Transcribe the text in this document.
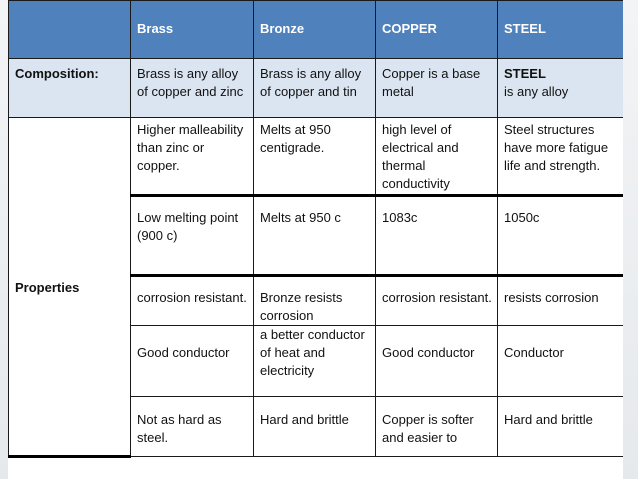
	Brass	Bronze	COPPER	STEEL
Composition:	Brass is any alloy of copper and zinc	Brass is any alloy of copper and tin	Copper is a base metal	STEEL
is any alloy
Properties	Higher malleability than zinc or copper.	Melts at 950 centigrade.	high level of electrical and thermal conductivity	Steel structures have more fatigue life and strength.
	Low melting point (900 c)	Melts at 950 c	1083c	1050c
	corrosion resistant.	Bronze resists corrosion	corrosion resistant.	resists corrosion
	Good conductor	a better conductor of heat and electricity	Good conductor	Conductor
	Not as hard as steel.	Hard and brittle	Copper is softer and easier to	Hard and brittle
